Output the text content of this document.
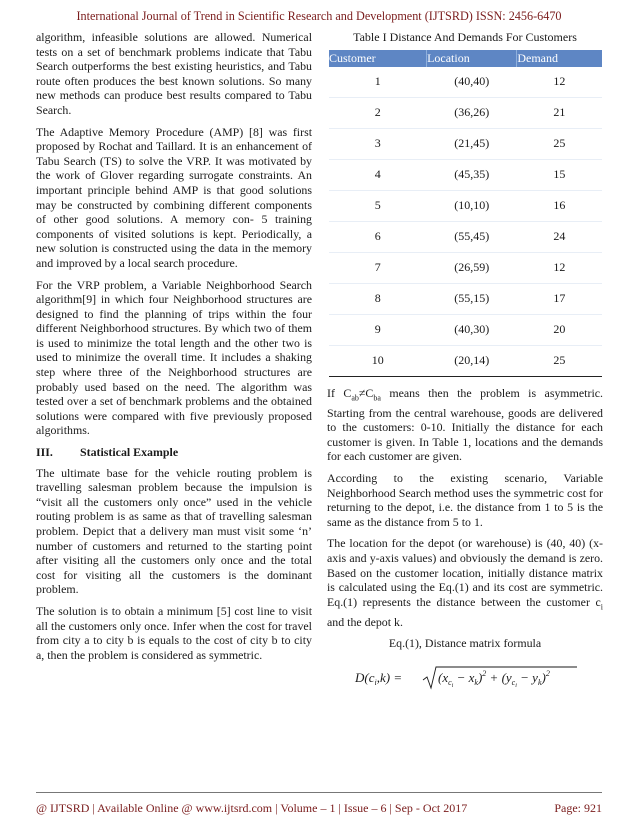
International Journal of Trend in Scientific Research and Development (IJTSRD) ISSN: 2456-6470

algorithm, infeasible solutions are allowed. Numerical tests on a set of benchmark problems indicate that Tabu Search outperforms the best existing heuristics, and Tabu route often produces the best known solutions. So many new methods can produce best results compared to Tabu Search.

The Adaptive Memory Procedure (AMP) [8] was first proposed by Rochat and Taillard. It is an enhancement of Tabu Search (TS) to solve the VRP. It was motivated by the work of Glover regarding surrogate constraints. An important principle behind AMP is that good solutions may be constructed by combining different components of other good solutions. A memory con- 5 training components of visited solutions is kept. Periodically, a new solution is constructed using the data in the memory and improved by a local search procedure.

For the VRP problem, a Variable Neighborhood Search algorithm[9] in which four Neighborhood structures are designed to find the planning of trips within the four different Neighborhood structures. By which two of them is used to minimize the total length and the other two is used to minimize the overall time. It includes a shaking step where three of the Neighborhood structures are probably used based on the need. The algorithm was tested over a set of benchmark problems and the obtained solutions were compared with five previously proposed algorithms.

III. Statistical Example

The ultimate base for the vehicle routing problem is travelling salesman problem because the impulsion is “visit all the customers only once” used in the vehicle routing problem is as same as that of travelling salesman problem. Depict that a delivery man must visit some ‘n’ number of customers and returned to the starting point after visiting all the customers only once and the total cost for visiting all the customers is the dominant problem.

The solution is to obtain a minimum [5] cost line to visit all the customers only once. Infer when the cost for travel from city a to city b is equals to the cost of city b to city a, then the problem is considered as symmetric.

Table I Distance And Demands For Customers
Customer	Location	Demand
1	(40,40)	12
2	(36,26)	21
3	(21,45)	25
4	(45,35)	15
5	(10,10)	16
6	(55,45)	24
7	(26,59)	12
8	(55,15)	17
9	(40,30)	20
10	(20,14)	25

If $C_{ab}\ne C_{ba}$ means then the problem is asymmetric. Starting from the central warehouse, goods are delivered to the customers: 0-10. Initially the distance for each customer is given. In Table 1, locations and the demands for each customer are given.

According to the existing scenario, Variable Neighborhood Search method uses the symmetric cost for returning to the depot, i.e. the distance from 1 to 5 is the same as the distance from 5 to 1.

The location for the depot (or warehouse) is (40, 40) (x-axis and y-axis values) and obviously the demand is zero. Based on the customer location, initially distance matrix is calculated using the Eq.(1) and its cost are symmetric. Eq.(1) represents the distance between the customer $c_i$ and the depot k.

Eq.(1), Distance matrix formula
$D(c_i,k)$ =	$(x_ci - x_k)^2 + (y_ci - y_k)^2$
@ IJTSRD | Available Online @ www.ijtsrd.com | Volume – 1 | Issue – 6 | Sep - Oct 2017	Page: 921
